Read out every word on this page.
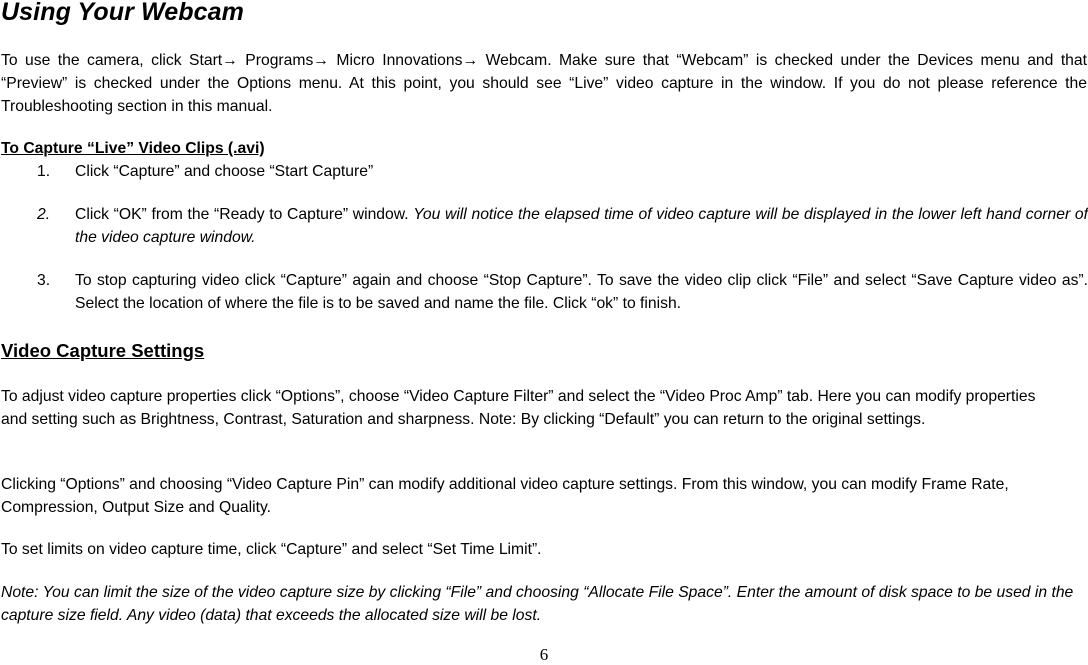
Using Your Webcam
To use the camera, click Start→ Programs→ Micro Innovations→ Webcam. Make sure that “Webcam” is checked under the Devices menu and that “Preview” is checked under the Options menu. At this point, you should see “Live” video capture in the window. If you do not please reference the Troubleshooting section in this manual.
To Capture “Live” Video Clips (.avi)
1. Click “Capture” and choose “Start Capture”
2. Click “OK” from the “Ready to Capture” window. You will notice the elapsed time of video capture will be displayed in the lower left hand corner of the video capture window.
3. To stop capturing video click “Capture” again and choose “Stop Capture”. To save the video clip click “File” and select “Save Capture video as”. Select the location of where the file is to be saved and name the file. Click “ok” to finish.
Video Capture Settings
To adjust video capture properties click “Options”, choose “Video Capture Filter” and select the “Video Proc Amp” tab. Here you can modify properties and setting such as Brightness, Contrast, Saturation and sharpness. Note: By clicking “Default” you can return to the original settings.
Clicking “Options” and choosing “Video Capture Pin” can modify additional video capture settings. From this window, you can modify Frame Rate, Compression, Output Size and Quality.
To set limits on video capture time, click “Capture” and select “Set Time Limit”.
Note: You can limit the size of the video capture size by clicking “File” and choosing “Allocate File Space”. Enter the amount of disk space to be used in the capture size field. Any video (data) that exceeds the allocated size will be lost.
6
